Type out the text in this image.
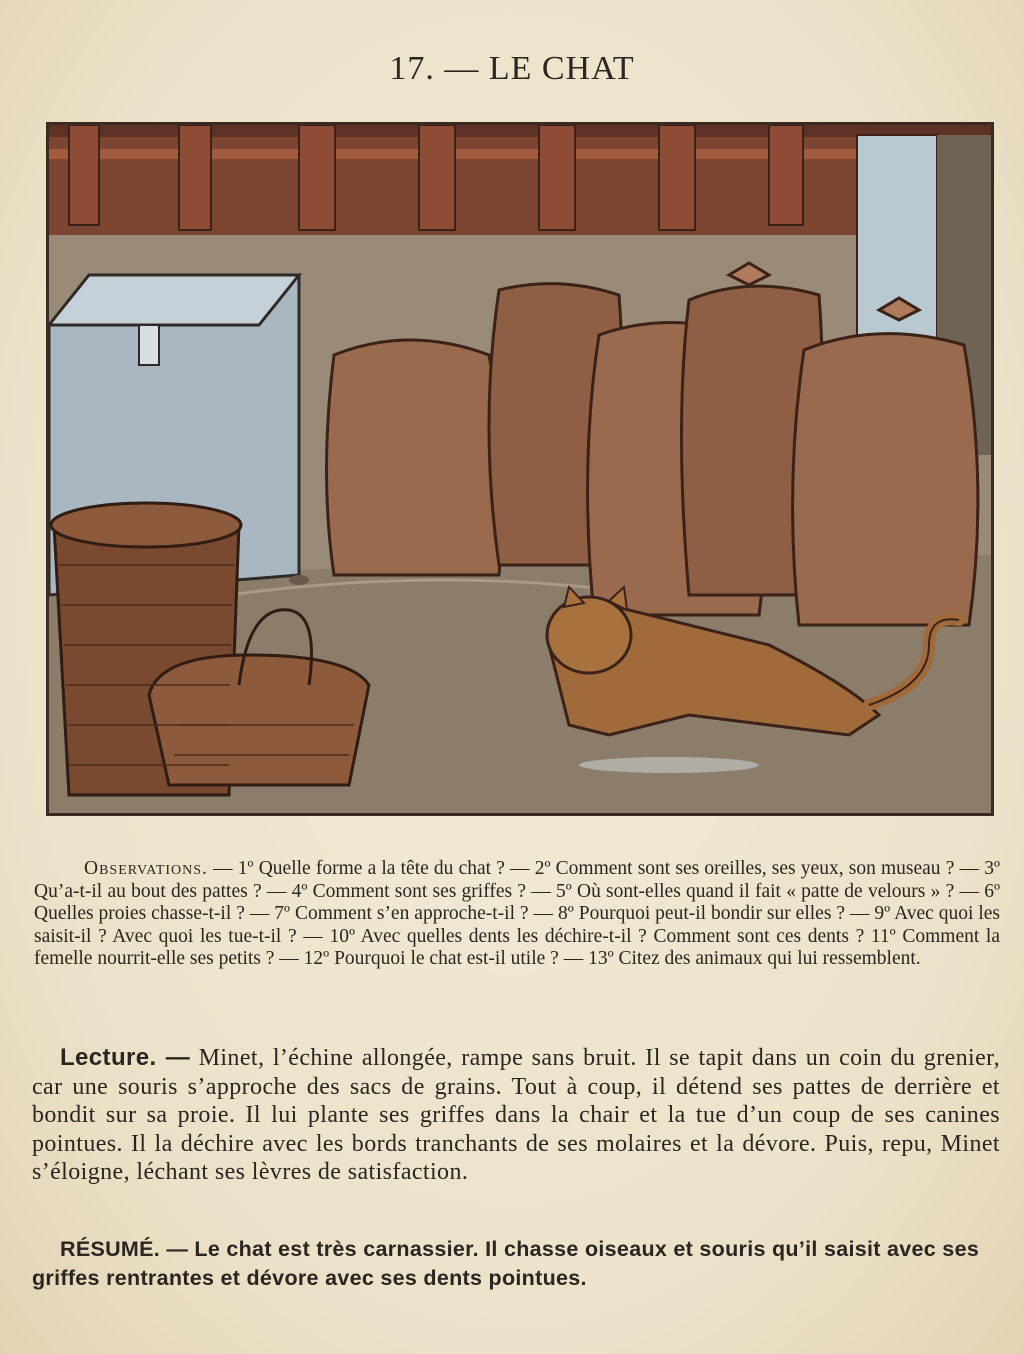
17. — LE CHAT
Observations. — 1º Quelle forme a la tête du chat ? — 2º Comment sont ses oreilles, ses yeux, son museau ? — 3º Qu’a-t-il au bout des pattes ? — 4º Comment sont ses griffes ? — 5º Où sont-elles quand il fait « patte de velours » ? — 6º Quelles proies chasse-t-il ? — 7º Comment s’en approche-t-il ? — 8º Pourquoi peut-il bondir sur elles ? — 9º Avec quoi les saisit-il ? Avec quoi les tue-t-il ? — 10º Avec quelles dents les déchire-t-il ? Comment sont ces dents ? 11º Comment la femelle nourrit-elle ses petits ? — 12º Pourquoi le chat est-il utile ? — 13º Citez des animaux qui lui ressemblent.
Lecture. — Minet, l’échine allongée, rampe sans bruit. Il se tapit dans un coin du grenier, car une souris s’approche des sacs de grains. Tout à coup, il détend ses pattes de derrière et bondit sur sa proie. Il lui plante ses griffes dans la chair et la tue d’un coup de ses canines pointues. Il la déchire avec les bords tranchants de ses molaires et la dévore. Puis, repu, Minet s’éloigne, léchant ses lèvres de satisfaction.
RÉSUMÉ. — Le chat est très carnassier. Il chasse oiseaux et souris qu’il saisit avec ses griffes rentrantes et dévore avec ses dents pointues.
